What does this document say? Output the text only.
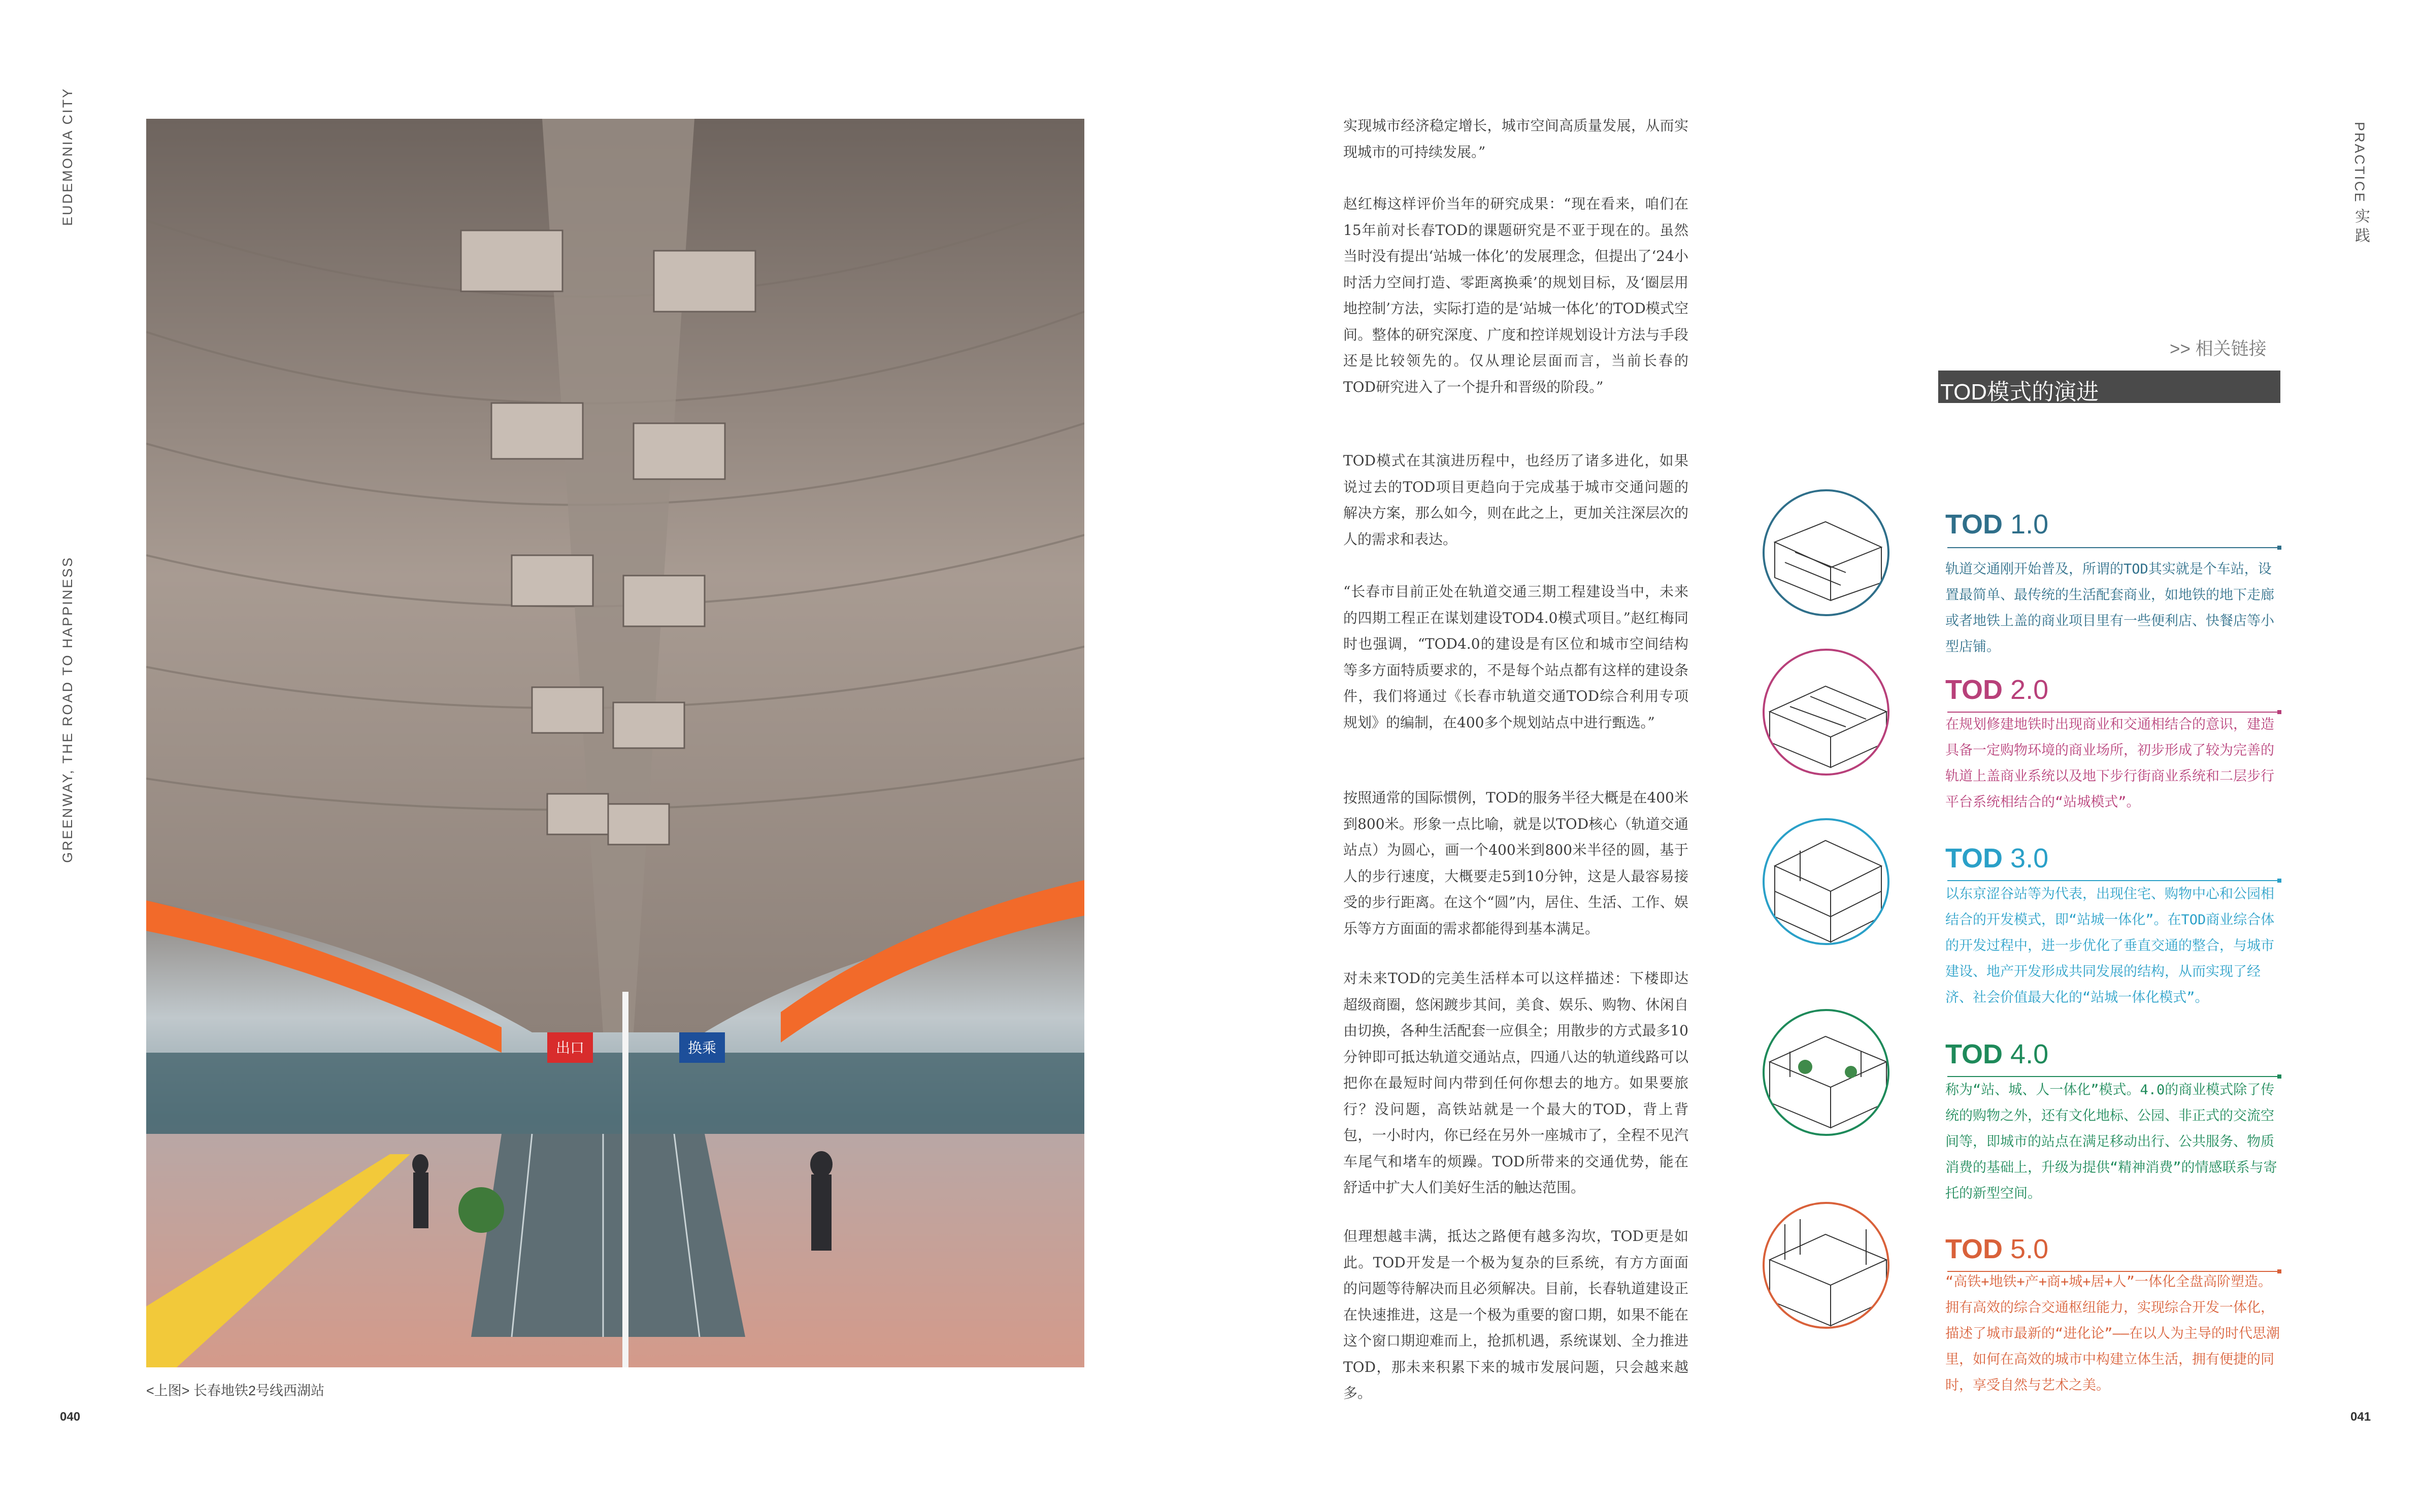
EUDEMONIA CITY
GREENWAY, THE ROAD TO HAPPINESS
出口	换乘
<上图> 长春地铁2号线西湖站
040
实现城市经济稳定增长，城市空间高质量发展，从而实现城市的可持续发展。”
赵红梅这样评价当年的研究成果：“现在看来，咱们在15年前对长春TOD的课题研究是不亚于现在的。虽然当时没有提出‘站城一体化’的发展理念，但提出了‘24小时活力空间打造、零距离换乘’的规划目标，及‘圈层用地控制’方法，实际打造的是‘站城一体化’的TOD模式空间。整体的研究深度、广度和控详规划设计方法与手段还是比较领先的。仅从理论层面而言，当前长春的TOD研究进入了一个提升和晋级的阶段。”
TOD模式在其演进历程中，也经历了诸多进化，如果说过去的TOD项目更趋向于完成基于城市交通问题的解决方案，那么如今，则在此之上，更加关注深层次的人的需求和表达。
“长春市目前正处在轨道交通三期工程建设当中，未来的四期工程正在谋划建设TOD4.0模式项目。”赵红梅同时也强调，“TOD4.0的建设是有区位和城市空间结构等多方面特质要求的，不是每个站点都有这样的建设条件，我们将通过《长春市轨道交通TOD综合利用专项规划》的编制，在400多个规划站点中进行甄选。”
按照通常的国际惯例，TOD的服务半径大概是在400米到800米。形象一点比喻，就是以TOD核心（轨道交通站点）为圆心，画一个400米到800米半径的圆，基于人的步行速度，大概要走5到10分钟，这是人最容易接受的步行距离。在这个“圆”内，居住、生活、工作、娱乐等方方面面的需求都能得到基本满足。
对未来TOD的完美生活样本可以这样描述：下楼即达超级商圈，悠闲踱步其间，美食、娱乐、购物、休闲自由切换，各种生活配套一应俱全；用散步的方式最多10分钟即可抵达轨道交通站点，四通八达的轨道线路可以把你在最短时间内带到任何你想去的地方。如果要旅行？没问题，高铁站就是一个最大的TOD，背上背包，一小时内，你已经在另外一座城市了，全程不见汽车尾气和堵车的烦躁。TOD所带来的交通优势，能在舒适中扩大人们美好生活的触达范围。
但理想越丰满，抵达之路便有越多沟坎，TOD更是如此。TOD开发是一个极为复杂的巨系统，有方方面面的问题等待解决而且必须解决。目前，长春轨道建设正在快速推进，这是一个极为重要的窗口期，如果不能在这个窗口期迎难而上，抢抓机遇，系统谋划、全力推进TOD，那未来积累下来的城市发展问题，只会越来越多。
PRACTICE
实 践
>> 相关链接
TOD模式的演进
TOD 1.0
轨道交通刚开始普及，所谓的TOD其实就是个车站，设置最简单、最传统的生活配套商业，如地铁的地下走廊或者地铁上盖的商业项目里有一些便利店、快餐店等小型店铺。
TOD 2.0
在规划修建地铁时出现商业和交通相结合的意识，建造具备一定购物环境的商业场所，初步形成了较为完善的轨道上盖商业系统以及地下步行街商业系统和二层步行平台系统相结合的“站城模式”。
TOD 3.0
以东京涩谷站等为代表，出现住宅、购物中心和公园相结合的开发模式，即“站城一体化”。在TOD商业综合体的开发过程中，进一步优化了垂直交通的整合，与城市建设、地产开发形成共同发展的结构，从而实现了经济、社会价值最大化的“站城一体化模式”。
TOD 4.0
称为“站、城、人一体化”模式。4.0的商业模式除了传统的购物之外，还有文化地标、公园、非正式的交流空间等，即城市的站点在满足移动出行、公共服务、物质消费的基础上，升级为提供“精神消费”的情感联系与寄托的新型空间。
TOD 5.0
“高铁+地铁+产+商+城+居+人”一体化全盘高阶塑造。拥有高效的综合交通枢纽能力，实现综合开发一体化，描述了城市最新的“进化论”——在以人为主导的时代思潮里，如何在高效的城市中构建立体生活，拥有便捷的同时，享受自然与艺术之美。
041
